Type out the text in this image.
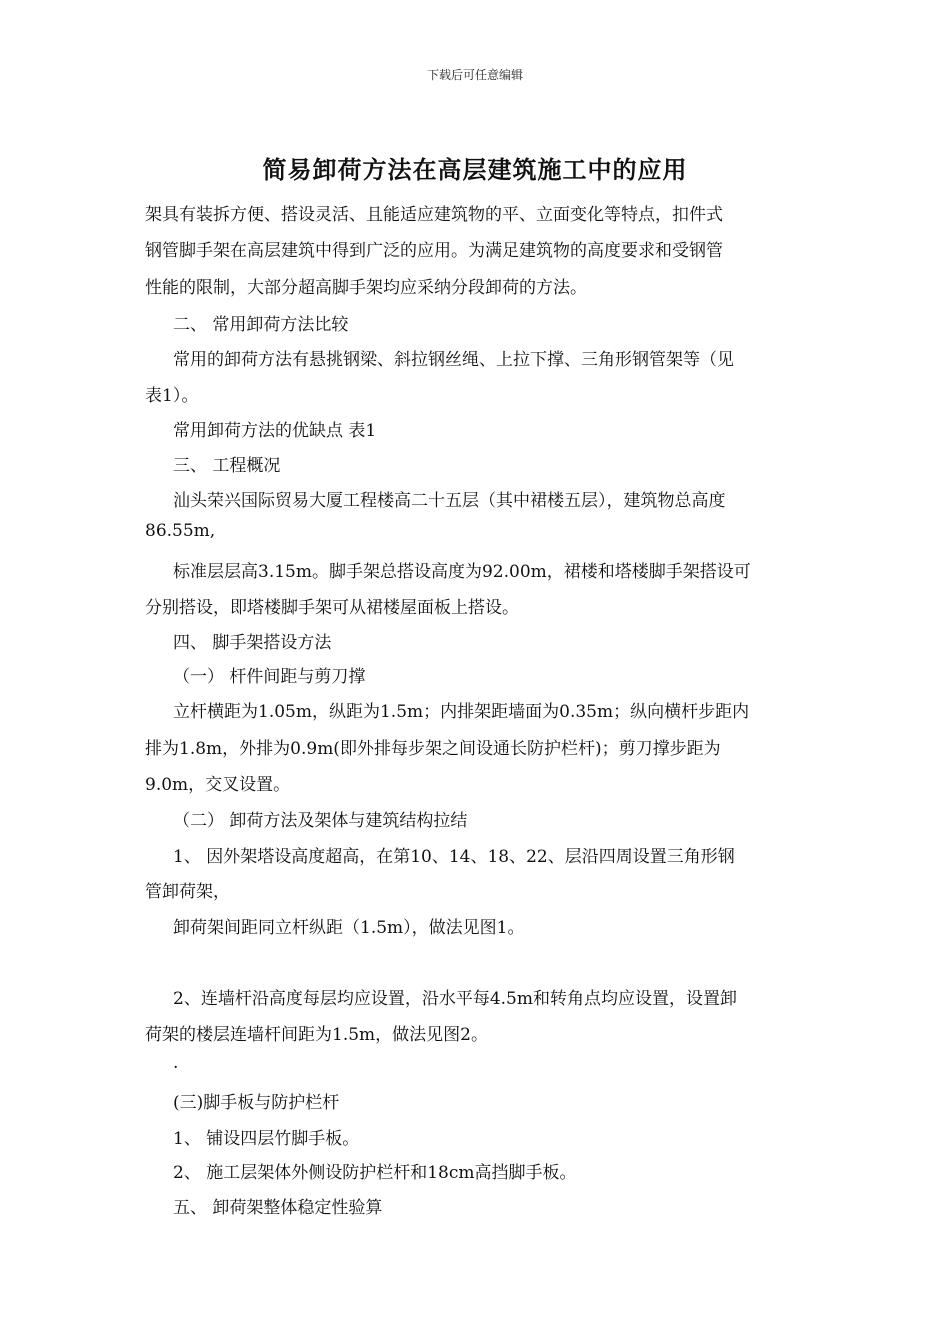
下载后可任意编辑
简易卸荷方法在高层建筑施工中的应用
架具有装拆方便、搭设灵活、且能适应建筑物的平、立面变化等特点，扣件式
钢管脚手架在高层建筑中得到广泛的应用。为满足建筑物的高度要求和受钢管
性能的限制，大部分超高脚手架均应采纳分段卸荷的方法。
二、 常用卸荷方法比较
常用的卸荷方法有悬挑钢梁、斜拉钢丝绳、上拉下撑、三角形钢管架等（见
表1）。
常用卸荷方法的优缺点 表1
三、 工程概况
汕头荣兴国际贸易大厦工程楼高二十五层（其中裙楼五层），建筑物总高度
86.55m,
标准层层高3.15m。脚手架总搭设高度为92.00m，裙楼和塔楼脚手架搭设可
分别搭设，即塔楼脚手架可从裙楼屋面板上搭设。
四、 脚手架搭设方法
（一） 杆件间距与剪刀撑
立杆横距为1.05m，纵距为1.5m；内排架距墙面为0.35m；纵向横杆步距内
排为1.8m，外排为0.9m(即外排每步架之间设通长防护栏杆)；剪刀撑步距为
9.0m，交叉设置。
（二） 卸荷方法及架体与建筑结构拉结
1、 因外架塔设高度超高，在第10、14、18、22、层沿四周设置三角形钢
管卸荷架，
卸荷架间距同立杆纵距（1.5m），做法见图1。
2、连墙杆沿高度每层均应设置，沿水平每4.5m和转角点均应设置，设置卸
荷架的楼层连墙杆间距为1.5m，做法见图2。
.
(三)脚手板与防护栏杆
1、 铺设四层竹脚手板。
2、 施工层架体外侧设防护栏杆和18cm高挡脚手板。
五、 卸荷架整体稳定性验算
